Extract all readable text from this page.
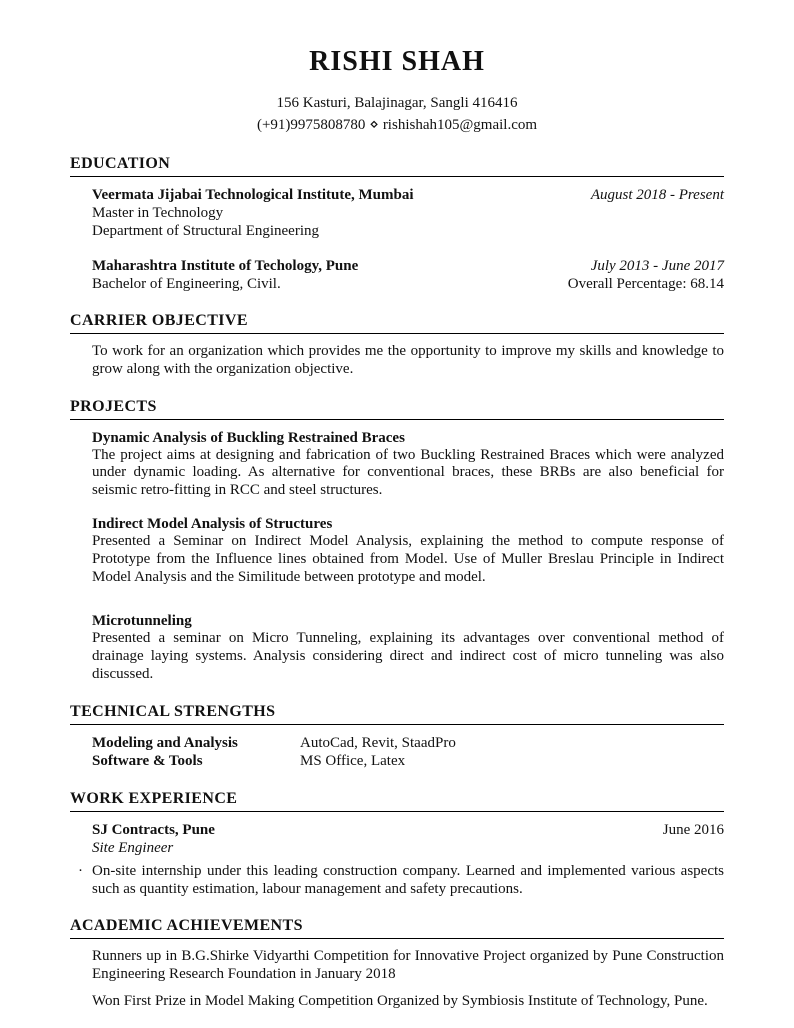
RISHI SHAH
156 Kasturi, Balajinagar, Sangli 416416
(+91)9975808780 ⋄ rishishah105@gmail.com
EDUCATION
Veermata Jijabai Technological Institute, Mumbai	August 2018 - Present
Master in Technology
Department of Structural Engineering
Maharashtra Institute of Techology, Pune	July 2013 - June 2017
Bachelor of Engineering, Civil.	Overall Percentage: 68.14
CARRIER OBJECTIVE
To work for an organization which provides me the opportunity to improve my skills and knowledge to grow along with the organization objective.
PROJECTS
Dynamic Analysis of Buckling Restrained Braces
The project aims at designing and fabrication of two Buckling Restrained Braces which were analyzed under dynamic loading. As alternative for conventional braces, these BRBs are also beneficial for seismic retro-fitting in RCC and steel structures.
Indirect Model Analysis of Structures
Presented a Seminar on Indirect Model Analysis, explaining the method to compute response of Prototype from the Influence lines obtained from Model. Use of Muller Breslau Principle in Indirect Model Analysis and the Similitude between prototype and model.
Microtunneling
Presented a seminar on Micro Tunneling, explaining its advantages over conventional method of drainage laying systems. Analysis considering direct and indirect cost of micro tunneling was also discussed.
TECHNICAL STRENGTHS
Modeling and Analysis	AutoCad, Revit, StaadPro
Software & Tools	MS Office, Latex
WORK EXPERIENCE
SJ Contracts, Pune	June 2016
Site Engineer
· On-site internship under this leading construction company. Learned and implemented various aspects such as quantity estimation, labour management and safety precautions.
ACADEMIC ACHIEVEMENTS
Runners up in B.G.Shirke Vidyarthi Competition for Innovative Project organized by Pune Construction Engineering Research Foundation in January 2018
Won First Prize in Model Making Competition Organized by Symbiosis Institute of Technology, Pune.
